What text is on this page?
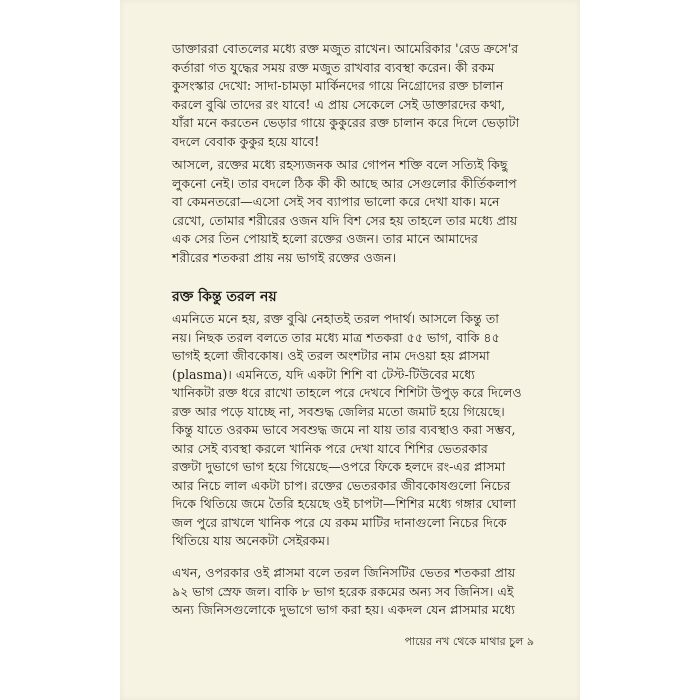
ডাক্তাররা বোতলের মধ্যে রক্ত মজুত রাখেন। আমেরিকার 'রেড ক্রসে'র
কর্তারা গত যুদ্ধের সময় রক্ত মজুত রাখবার ব্যবস্থা করেন। কী রকম
কুসংস্কার দেখো: সাদা-চামড়া মার্কিনদের গায়ে নিগ্রোদের রক্ত চালান
করলে বুঝি তাদের রং যাবে! এ প্রায় সেকেলে সেই ডাক্তারদের কথা,
যাঁরা মনে করতেন ভেড়ার গায়ে কুকুরের রক্ত চালান করে দিলে ভেড়াটা
বদলে বেবাক কুকুর হয়ে যাবে!
আসলে, রক্তের মধ্যে রহস্যজনক আর গোপন শক্তি বলে সত্যিই কিছু
লুকনো নেই। তার বদলে ঠিক কী কী আছে আর সেগুলোর কীর্তিকলাপ
বা কেমনতরো—এসো সেই সব ব্যাপার ভালো করে দেখা যাক। মনে
রেখো, তোমার শরীরের ওজন যদি বিশ সের হয় তাহলে তার মধ্যে প্রায়
এক সের তিন পোয়াই হলো রক্তের ওজন। তার মানে আমাদের
শরীরের শতকরা প্রায় নয় ভাগই রক্তের ওজন।
রক্ত কিন্তু তরল নয়
এমনিতে মনে হয়, রক্ত বুঝি নেহাতই তরল পদার্থ। আসলে কিন্তু তা
নয়। নিছক তরল বলতে তার মধ্যে মাত্র শতকরা ৫৫ ভাগ, বাকি ৪৫
ভাগই হলো জীবকোষ। ওই তরল অংশটার নাম দেওয়া হয় প্লাসমা
(plasma)। এমনিতে, যদি একটা শিশি বা টেস্ট-টিউবের মধ্যে
খানিকটা রক্ত ধরে রাখো তাহলে পরে দেখবে শিশিটা উপুড় করে দিলেও
রক্ত আর পড়ে যাচ্ছে না, সবশুদ্ধ জেলির মতো জমাট হয়ে গিয়েছে।
কিন্তু যাতে ওরকম ভাবে সবশুদ্ধ জমে না যায় তার ব্যবস্থাও করা সম্ভব,
আর সেই ব্যবস্থা করলে খানিক পরে দেখা যাবে শিশির ভেতরকার
রক্তটা দুভাগে ভাগ হয়ে গিয়েছে—ওপরে ফিকে হলদে রং-এর প্লাসমা
আর নিচে লাল একটা চাপ। রক্তের ভেতরকার জীবকোষগুলো নিচের
দিকে থিতিয়ে জমে তৈরি হয়েছে ওই চাপটা—শিশির মধ্যে গঙ্গার ঘোলা
জল পুরে রাখলে খানিক পরে যে রকম মাটির দানাগুলো নিচের দিকে
থিতিয়ে যায় অনেকটা সেইরকম।
এখন, ওপরকার ওই প্লাসমা বলে তরল জিনিসটির ভেতর শতকরা প্রায়
৯২ ভাগ স্রেফ জল। বাকি ৮ ভাগ হরেক রকমের অন্য সব জিনিস। এই
অন্য জিনিসগুলোকে দুভাগে ভাগ করা হয়। একদল যেন প্লাসমার মধ্যে
পায়ের নখ থেকে মাথার চুল ৯
